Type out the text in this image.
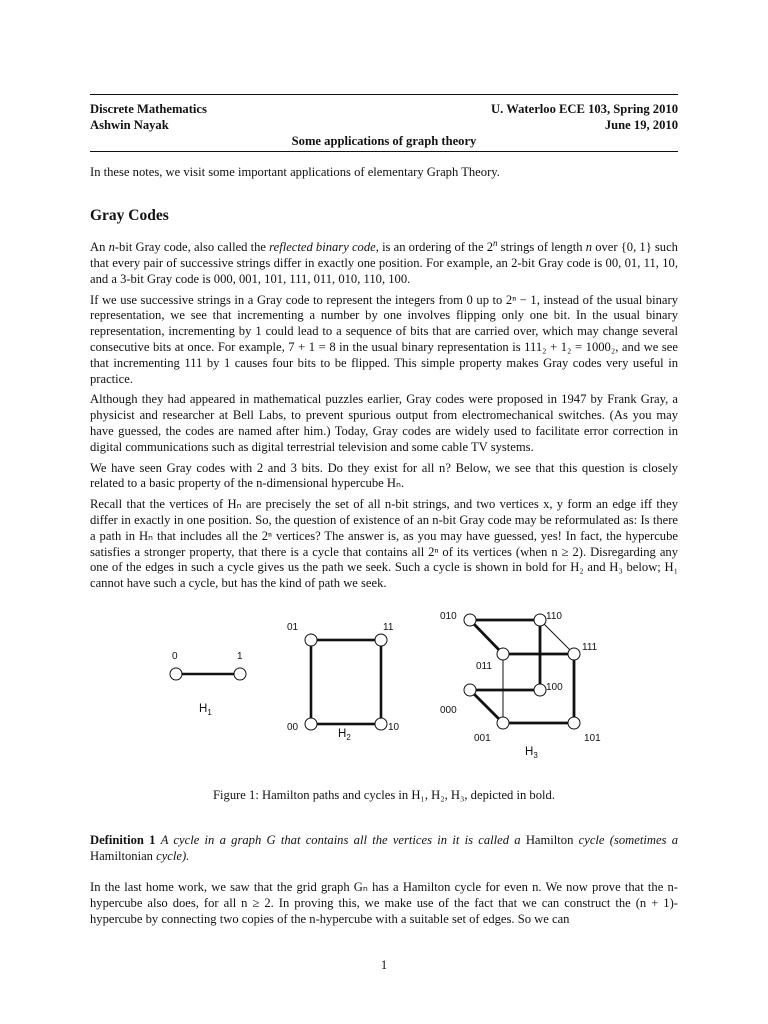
Discrete Mathematics
Ashwin Nayak
U. Waterloo ECE 103, Spring 2010
June 19, 2010
Some applications of graph theory

In these notes, we visit some important applications of elementary Graph Theory.

Gray Codes

An n-bit Gray code, also called the reflected binary code, is an ordering of the 2$^n$ strings of length n over {0, 1} such that every pair of successive strings differ in exactly one position. For example, an 2-bit Gray code is 00, 01, 11, 10, and a 3-bit Gray code is 000, 001, 101, 111, 011, 010, 110, 100.

If we use successive strings in a Gray code to represent the integers from 0 up to 2ⁿ − 1, instead of the usual binary representation, we see that incrementing a number by one involves flipping only one bit. In the usual binary representation, incrementing by 1 could lead to a sequence of bits that are carried over, which may change several consecutive bits at once. For example, 7 + 1 = 8 in the usual binary representation is 111₂ + 1₂ = 1000₂, and we see that incrementing 111 by 1 causes four bits to be flipped. This simple property makes Gray codes very useful in practice.

Although they had appeared in mathematical puzzles earlier, Gray codes were proposed in 1947 by Frank Gray, a physicist and researcher at Bell Labs, to prevent spurious output from electromechanical switches. (As you may have guessed, the codes are named after him.) Today, Gray codes are widely used to facilitate error correction in digital communications such as digital terrestrial television and some cable TV systems.

We have seen Gray codes with 2 and 3 bits. Do they exist for all n? Below, we see that this question is closely related to a basic property of the n-dimensional hypercube Hₙ.

Recall that the vertices of Hₙ are precisely the set of all n-bit strings, and two vertices x, y form an edge iff they differ in exactly in one position. So, the question of existence of an n-bit Gray code may be reformulated as: Is there a path in Hₙ that includes all the 2ⁿ vertices? The answer is, as you may have guessed, yes! In fact, the hypercube satisfies a stronger property, that there is a cycle that contains all 2ⁿ of its vertices (when n ≥ 2). Disregarding any one of the edges in such a cycle gives us the path we seek. Such a cycle is shown in bold for H₂ and H₃ below; H₁ cannot have such a cycle, but has the kind of path we seek.

0	1
$H_1$
01	11
00	10
$H_2$
010	110
111
011
100
000
001	101
$H_3$
Figure 1: Hamilton paths and cycles in H₁, H₂, H₃, depicted in bold.

Definition 1 A cycle in a graph G that contains all the vertices in it is called a Hamilton cycle (sometimes a Hamiltonian cycle).

In the last home work, we saw that the grid graph Gₙ has a Hamilton cycle for even n. We now prove that the n-hypercube also does, for all n ≥ 2. In proving this, we make use of the fact that we can construct the (n + 1)-hypercube by connecting two copies of the n-hypercube with a suitable set of edges. So we can

1
